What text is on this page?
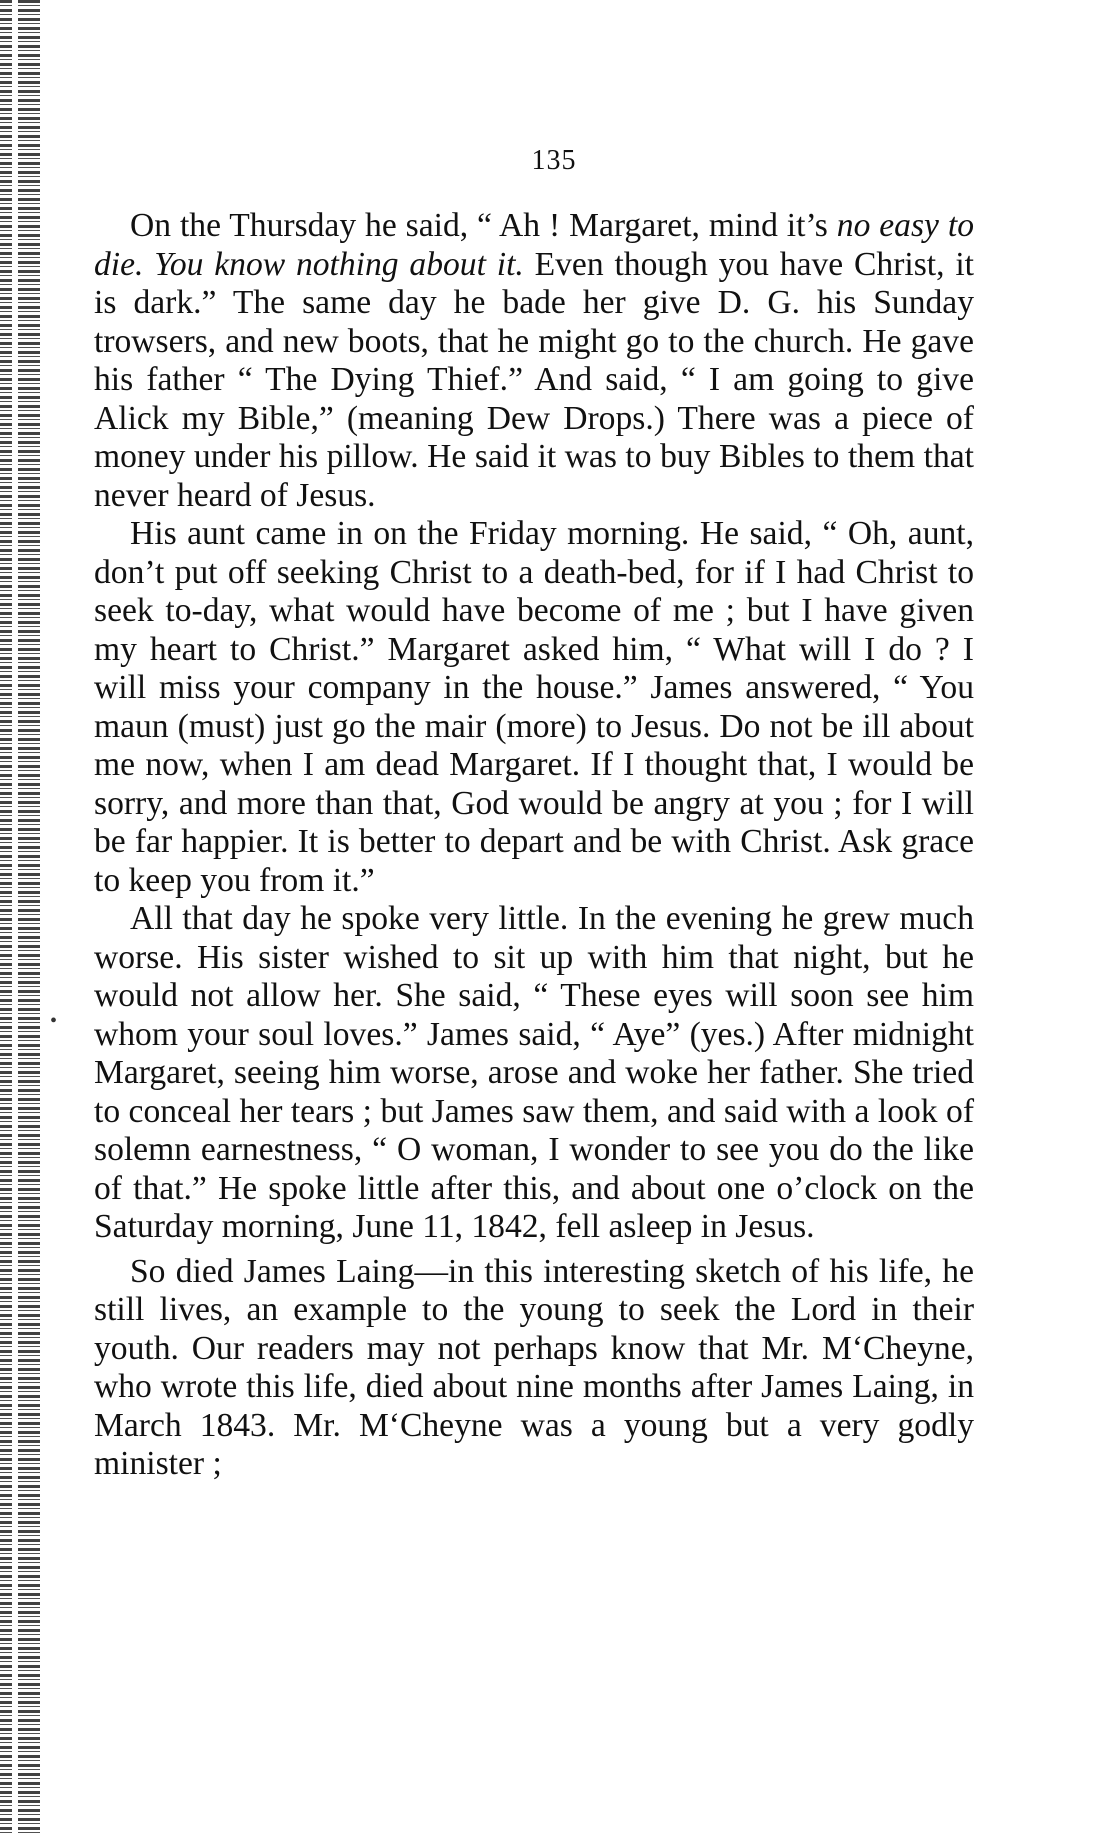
•
135

On the Thursday he said, “ Ah ! Margaret, mind it’s no easy to die. You know nothing about it. Even though you have Christ, it is dark.” The same day he bade her give D. G. his Sunday trowsers, and new boots, that he might go to the church. He gave his father “ The Dying Thief.” And said, “ I am going to give Alick my Bible,” (meaning Dew Drops.) There was a piece of money under his pillow. He said it was to buy Bibles to them that never heard of Jesus.

His aunt came in on the Friday morning. He said, “ Oh, aunt, don’t put off seeking Christ to a death-bed, for if I had Christ to seek to-day, what would have become of me ; but I have given my heart to Christ.” Margaret asked him, “ What will I do ? I will miss your company in the house.” James answered, “ You maun (must) just go the mair (more) to Jesus. Do not be ill about me now, when I am dead Margaret. If I thought that, I would be sorry, and more than that, God would be angry at you ; for I will be far happier. It is better to depart and be with Christ. Ask grace to keep you from it.”

All that day he spoke very little. In the evening he grew much worse. His sister wished to sit up with him that night, but he would not allow her. She said, “ These eyes will soon see him whom your soul loves.” James said, “ Aye” (yes.) After midnight Margaret, seeing him worse, arose and woke her father. She tried to conceal her tears ; but James saw them, and said with a look of solemn earnestness, “ O woman, I wonder to see you do the like of that.” He spoke little after this, and about one o’clock on the Saturday morning, June 11, 1842, fell asleep in Jesus.

So died James Laing—in this interesting sketch of his life, he still lives, an example to the young to seek the Lord in their youth. Our readers may not perhaps know that Mr. M‘Cheyne, who wrote this life, died about nine months after James Laing, in March 1843. Mr. M‘Cheyne was a young but a very godly minister ;
